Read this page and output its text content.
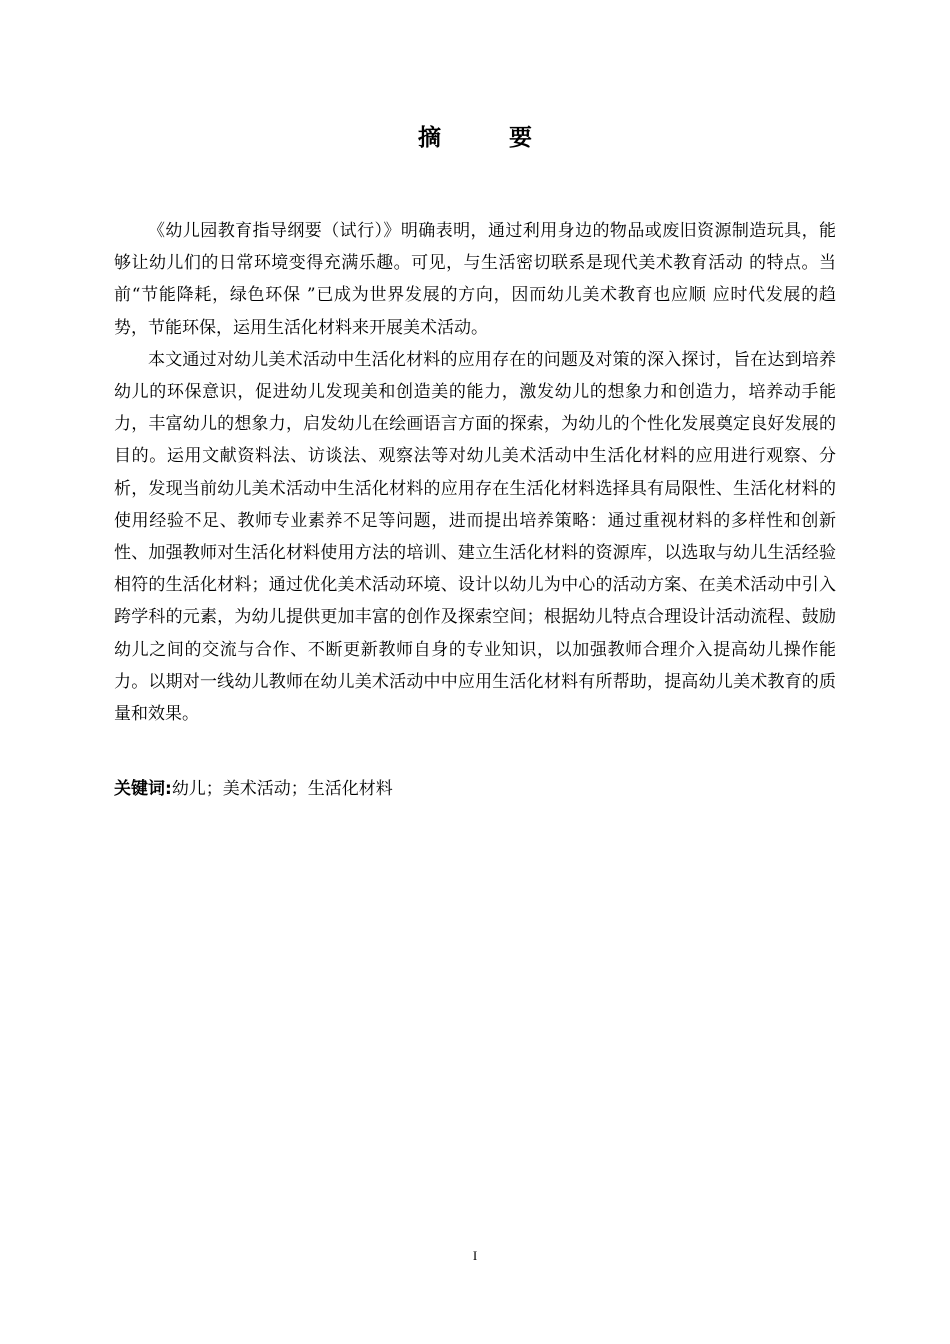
摘 要

《幼儿园教育指导纲要（试行）》明确表明，通过利用身边的物品或废旧资源制造玩具，能够让幼儿们的日常环境变得充满乐趣。可见，与生活密切联系是现代美术教育活动 的特点。当前“节能降耗，绿色环保 ”已成为世界发展的方向，因而幼儿美术教育也应顺 应时代发展的趋势，节能环保，运用生活化材料来开展美术活动。

本文通过对幼儿美术活动中生活化材料的应用存在的问题及对策的深入探讨，旨在达到培养幼儿的环保意识，促进幼儿发现美和创造美的能力，激发幼儿的想象力和创造力，培养动手能力，丰富幼儿的想象力，启发幼儿在绘画语言方面的探索，为幼儿的个性化发展奠定良好发展的目的。运用文献资料法、访谈法、观察法等对幼儿美术活动中生活化材料的应用进行观察、分析，发现当前幼儿美术活动中生活化材料的应用存在生活化材料选择具有局限性、生活化材料的使用经验不足、教师专业素养不足等问题，进而提出培养策略：通过重视材料的多样性和创新性、加强教师对生活化材料使用方法的培训、建立生活化材料的资源库，以选取与幼儿生活经验相符的生活化材料；通过优化美术活动环境、设计以幼儿为中心的活动方案、在美术活动中引入跨学科的元素，为幼儿提供更加丰富的创作及探索空间；根据幼儿特点合理设计活动流程、鼓励幼儿之间的交流与合作、不断更新教师自身的专业知识，以加强教师合理介入提高幼儿操作能力。以期对一线幼儿教师在幼儿美术活动中中应用生活化材料有所帮助，提高幼儿美术教育的质量和效果。

关键词:幼儿；美术活动；生活化材料
I
